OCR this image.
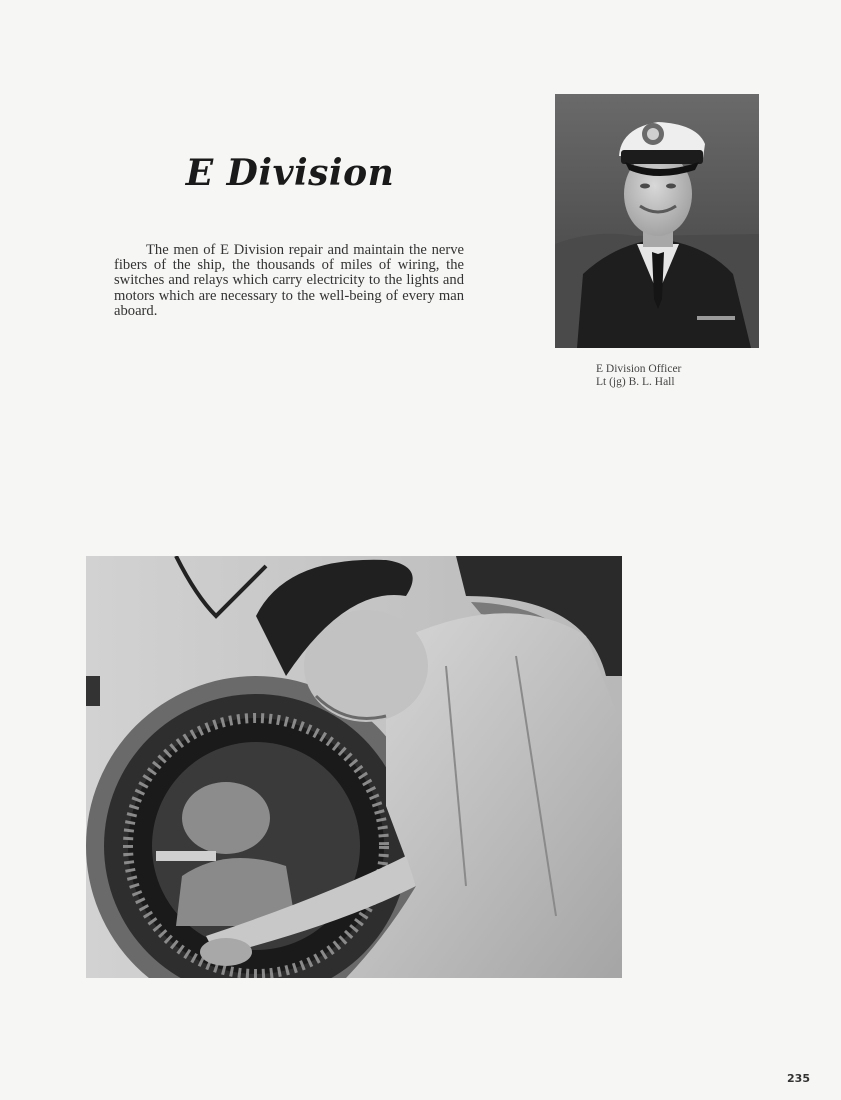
E Division

The men of E Division repair and maintain the nerve fibers of the ship, the thousands of miles of wiring, the switches and relays which carry electricity to the lights and motors which are necessary to the well-being of every man aboard.

E Division Officer
Lt (jg) B. L. Hall
235
